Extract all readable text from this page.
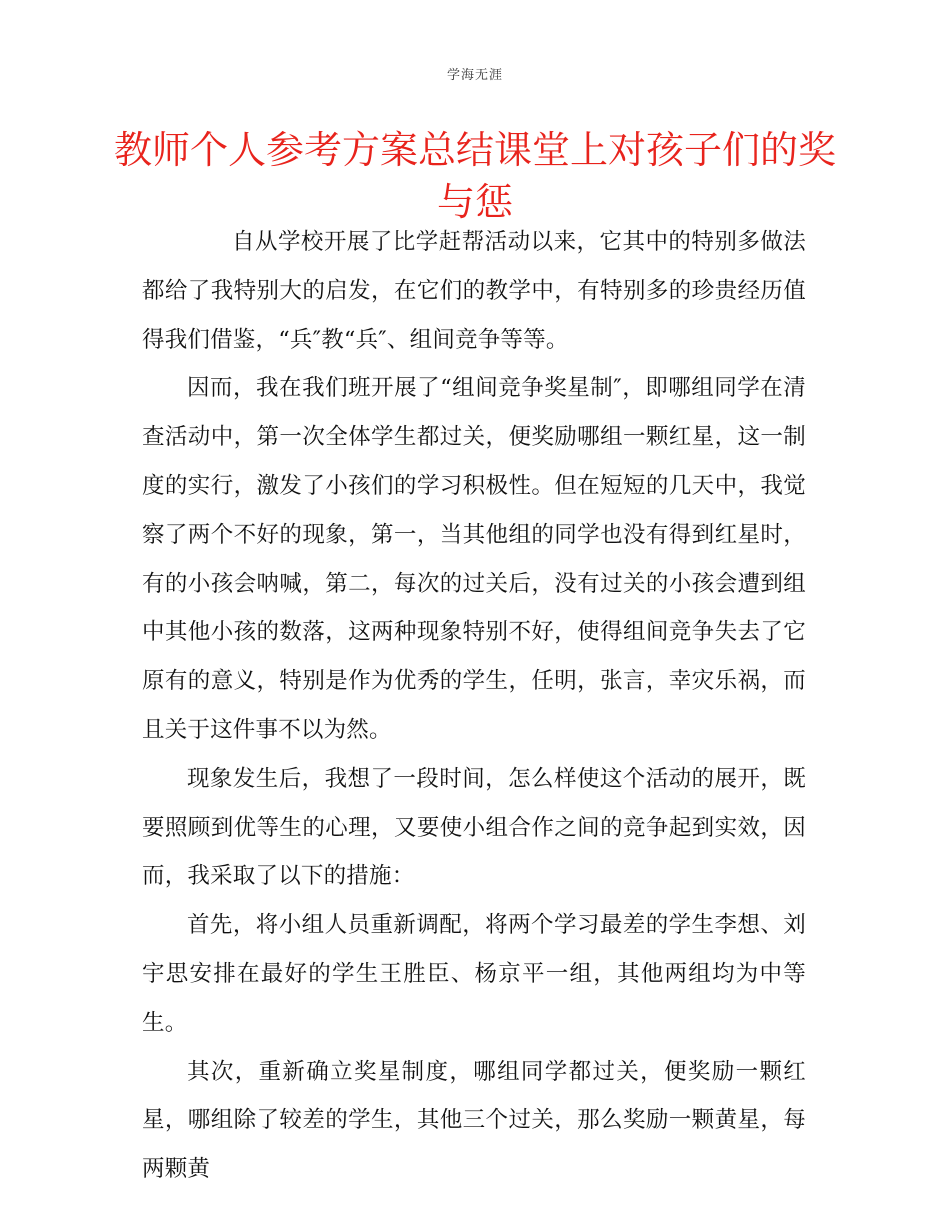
学海无涯
教师个人参考方案总结课堂上对孩子们的奖与惩

自从学校开展了比学赶帮活动以来，它其中的特别多做法都给了我特别大的启发，在它们的教学中，有特别多的珍贵经历值得我们借鉴，“兵″教“兵″、组间竞争等等。

因而，我在我们班开展了“组间竞争奖星制″，即哪组同学在清查活动中，第一次全体学生都过关，便奖励哪组一颗红星，这一制度的实行，激发了小孩们的学习积极性。但在短短的几天中，我觉察了两个不好的现象，第一，当其他组的同学也没有得到红星时，有的小孩会呐喊，第二，每次的过关后，没有过关的小孩会遭到组中其他小孩的数落，这两种现象特别不好，使得组间竞争失去了它原有的意义，特别是作为优秀的学生，任明，张言，幸灾乐祸，而且关于这件事不以为然。

现象发生后，我想了一段时间，怎么样使这个活动的展开，既要照顾到优等生的心理，又要使小组合作之间的竞争起到实效，因而，我采取了以下的措施：

首先，将小组人员重新调配，将两个学习最差的学生李想、刘宇思安排在最好的学生王胜臣、杨京平一组，其他两组均为中等生。

其次，重新确立奖星制度，哪组同学都过关，便奖励一颗红星，哪组除了较差的学生，其他三个过关，那么奖励一颗黄星，每两颗黄
